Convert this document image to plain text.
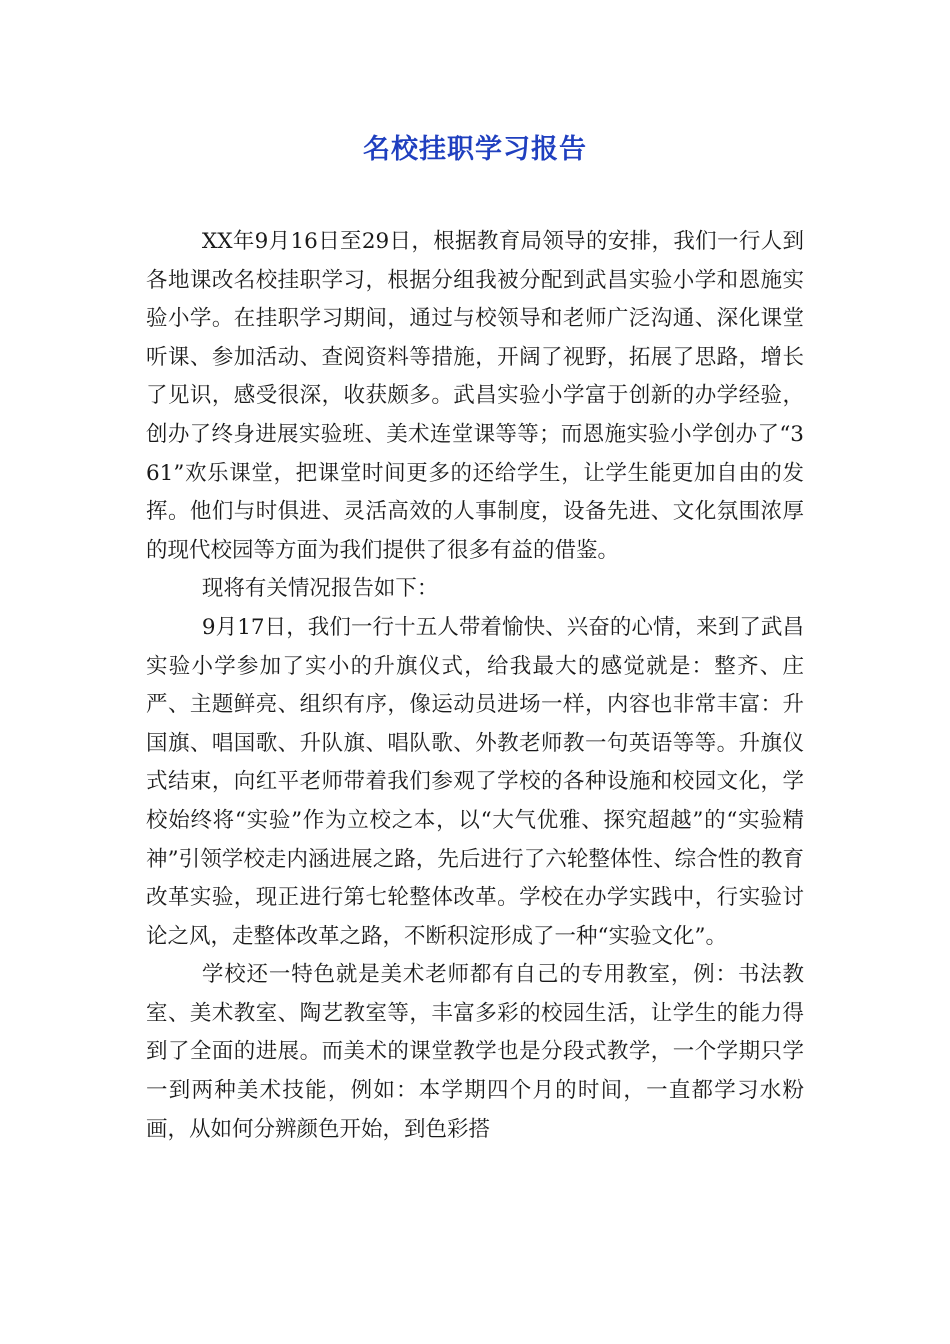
名校挂职学习报告

XX年9月16日至29日，根据教育局领导的安排，我们一行人到各地课改名校挂职学习，根据分组我被分配到武昌实验小学和恩施实验小学。在挂职学习期间，通过与校领导和老师广泛沟通、深化课堂听课、参加活动、查阅资料等措施，开阔了视野，拓展了思路，增长了见识，感受很深，收获颇多。武昌实验小学富于创新的办学经验，创办了终身进展实验班、美术连堂课等等；而恩施实验小学创办了“361”欢乐课堂，把课堂时间更多的还给学生，让学生能更加自由的发挥。他们与时俱进、灵活高效的人事制度，设备先进、文化氛围浓厚的现代校园等方面为我们提供了很多有益的借鉴。

现将有关情况报告如下：

9月17日，我们一行十五人带着愉快、兴奋的心情，来到了武昌实验小学参加了实小的升旗仪式，给我最大的感觉就是：整齐、庄严、主题鲜亮、组织有序，像运动员进场一样，内容也非常丰富：升国旗、唱国歌、升队旗、唱队歌、外教老师教一句英语等等。升旗仪式结束，向红平老师带着我们参观了学校的各种设施和校园文化，学校始终将“实验”作为立校之本，以“大气优雅、探究超越”的“实验精神”引领学校走内涵进展之路，先后进行了六轮整体性、综合性的教育改革实验，现正进行第七轮整体改革。学校在办学实践中，行实验讨论之风，走整体改革之路，不断积淀形成了一种“实验文化”。

学校还一特色就是美术老师都有自己的专用教室，例：书法教室、美术教室、陶艺教室等，丰富多彩的校园生活，让学生的能力得到了全面的进展。而美术的课堂教学也是分段式教学，一个学期只学一到两种美术技能，例如：本学期四个月的时间，一直都学习水粉画，从如何分辨颜色开始，到色彩搭
